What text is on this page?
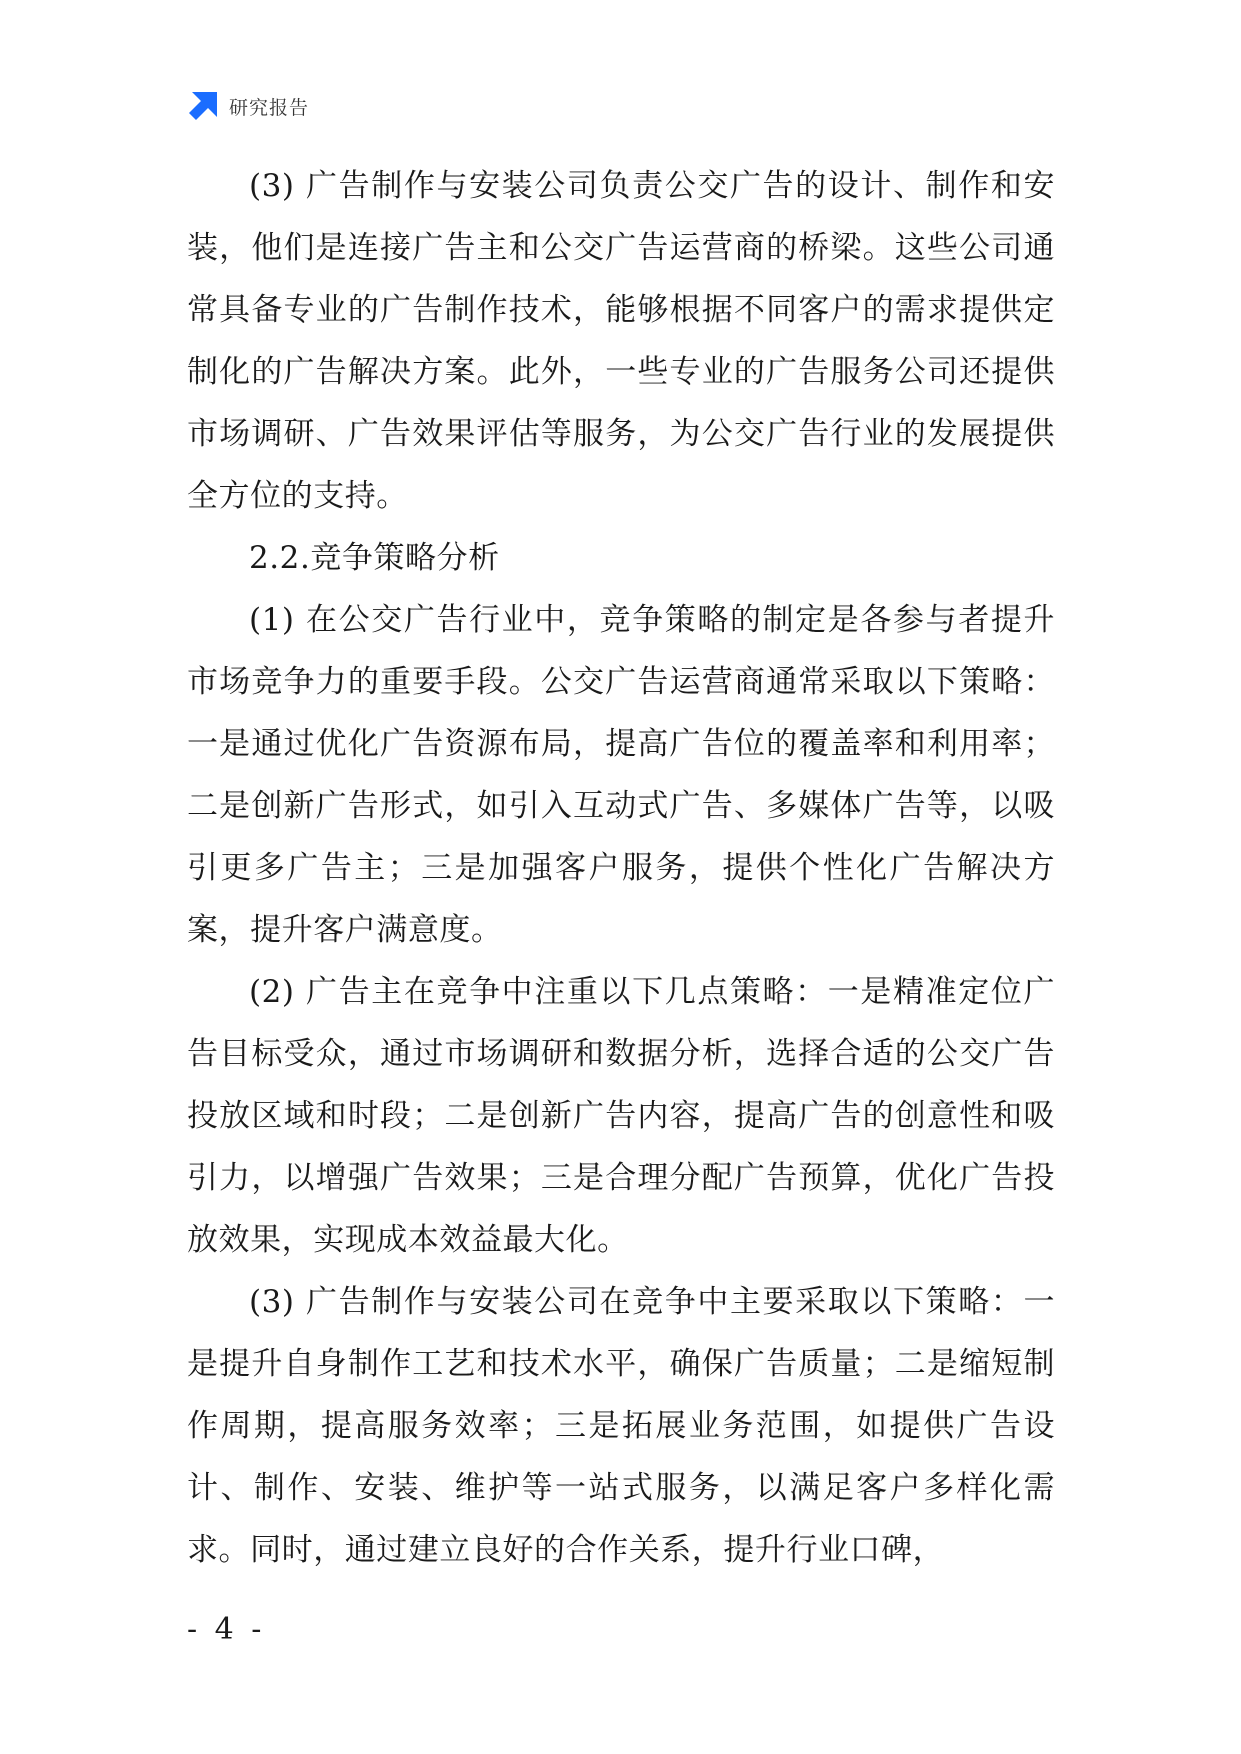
研究报告

(3) 广告制作与安装公司负责公交广告的设计、制作和安装，他们是连接广告主和公交广告运营商的桥梁。这些公司通常具备专业的广告制作技术，能够根据不同客户的需求提供定制化的广告解决方案。此外，一些专业的广告服务公司还提供市场调研、广告效果评估等服务，为公交广告行业的发展提供全方位的支持。

2.2.竞争策略分析

(1) 在公交广告行业中，竞争策略的制定是各参与者提升市场竞争力的重要手段。公交广告运营商通常采取以下策略：一是通过优化广告资源布局，提高广告位的覆盖率和利用率；二是创新广告形式，如引入互动式广告、多媒体广告等，以吸引更多广告主；三是加强客户服务，提供个性化广告解决方案，提升客户满意度。

(2) 广告主在竞争中注重以下几点策略：一是精准定位广告目标受众，通过市场调研和数据分析，选择合适的公交广告投放区域和时段；二是创新广告内容，提高广告的创意性和吸引力，以增强广告效果；三是合理分配广告预算，优化广告投放效果，实现成本效益最大化。

(3) 广告制作与安装公司在竞争中主要采取以下策略：一是提升自身制作工艺和技术水平，确保广告质量；二是缩短制作周期，提高服务效率；三是拓展业务范围，如提供广告设计、制作、安装、维护等一站式服务，以满足客户多样化需求。同时，通过建立良好的合作关系，提升行业口碑，

- 4 -
